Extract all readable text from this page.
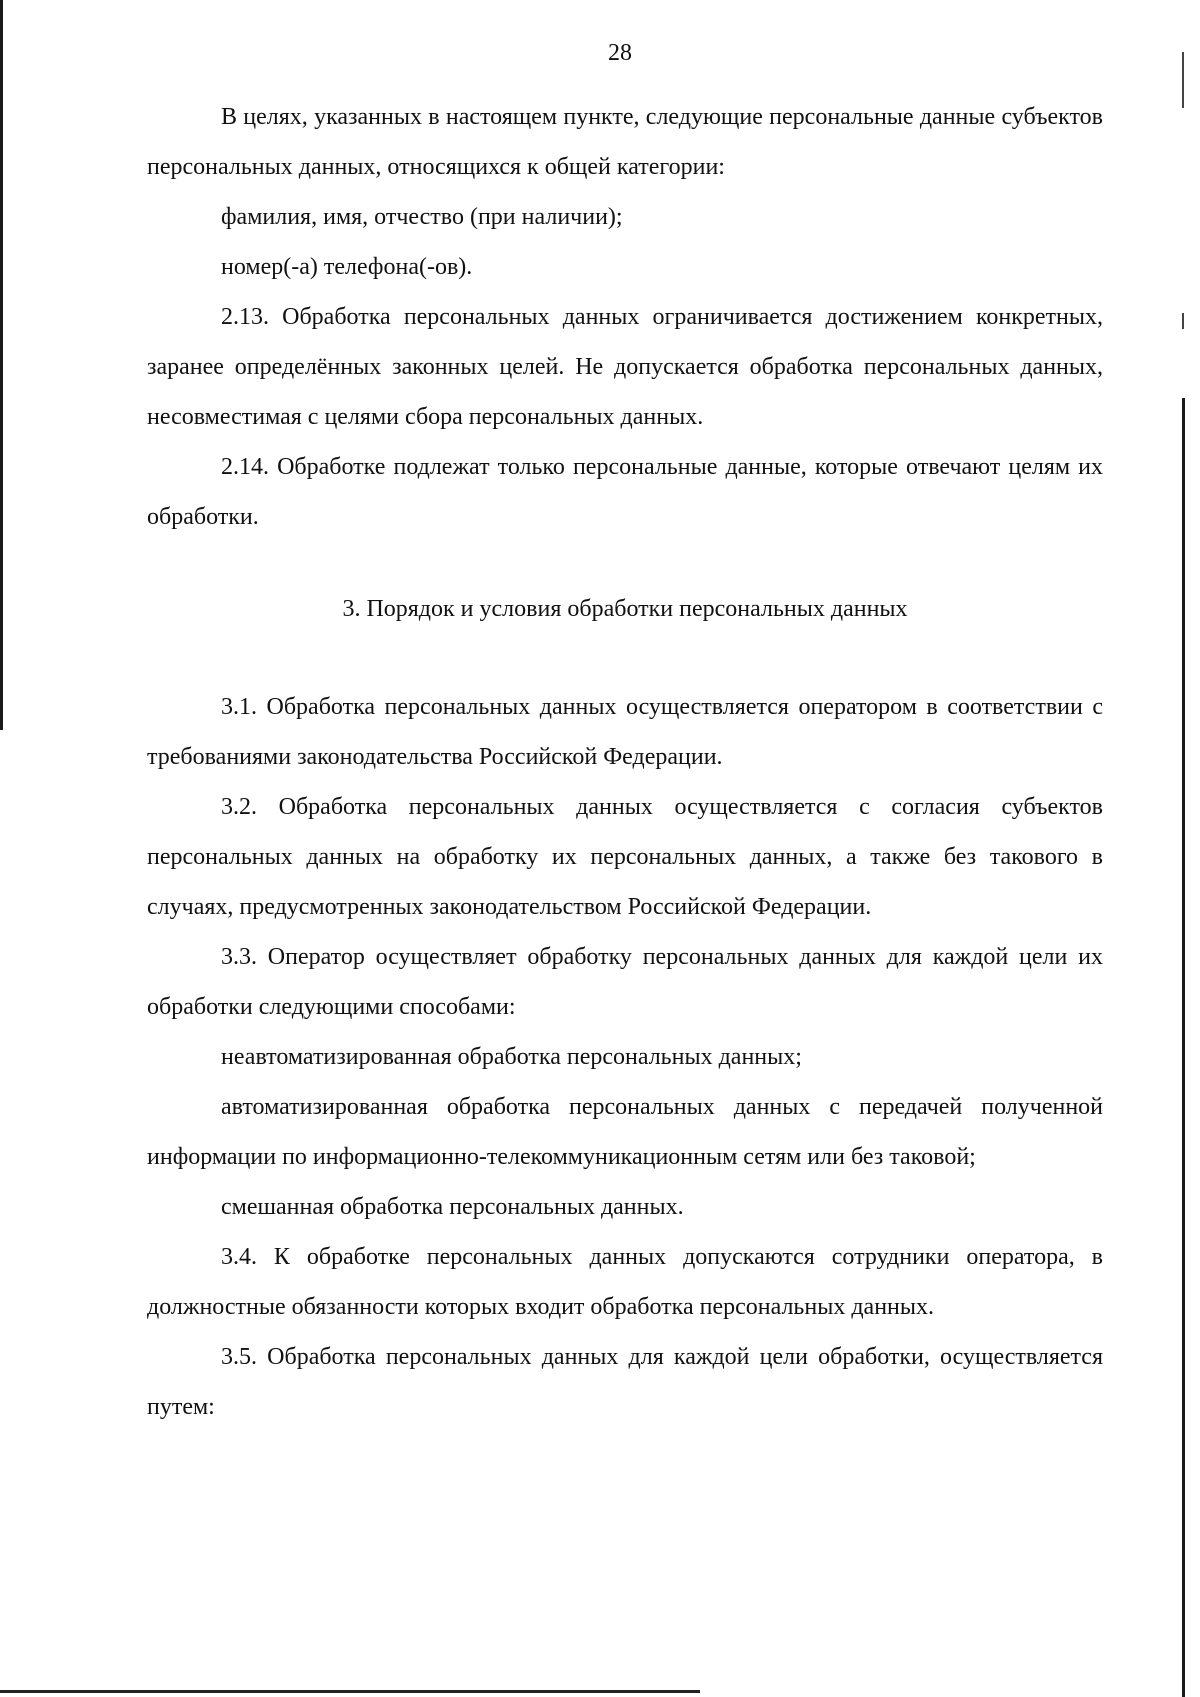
28

В целях, указанных в настоящем пункте, следующие персональные данные субъектов персональных данных, относящихся к общей категории:

фамилия, имя, отчество (при наличии);

номер(-а) телефона(-ов).

2.13. Обработка персональных данных ограничивается достижением конкретных, заранее определённых законных целей. Не допускается обработка персональных данных, несовместимая с целями сбора персональных данных.

2.14. Обработке подлежат только персональные данные, которые отвечают целям их обработки.

3. Порядок и условия обработки персональных данных

3.1. Обработка персональных данных осуществляется оператором в соответствии с требованиями законодательства Российской Федерации.

3.2. Обработка персональных данных осуществляется с согласия субъектов персональных данных на обработку их персональных данных, а также без такового в случаях, предусмотренных законодательством Российской Федерации.

3.3. Оператор осуществляет обработку персональных данных для каждой цели их обработки следующими способами:

неавтоматизированная обработка персональных данных;

автоматизированная обработка персональных данных с передачей полученной информации по информационно-телекоммуникационным сетям или без таковой;

смешанная обработка персональных данных.

3.4. К обработке персональных данных допускаются сотрудники оператора, в должностные обязанности которых входит обработка персональных данных.

3.5. Обработка персональных данных для каждой цели обработки, осуществляется путем:
